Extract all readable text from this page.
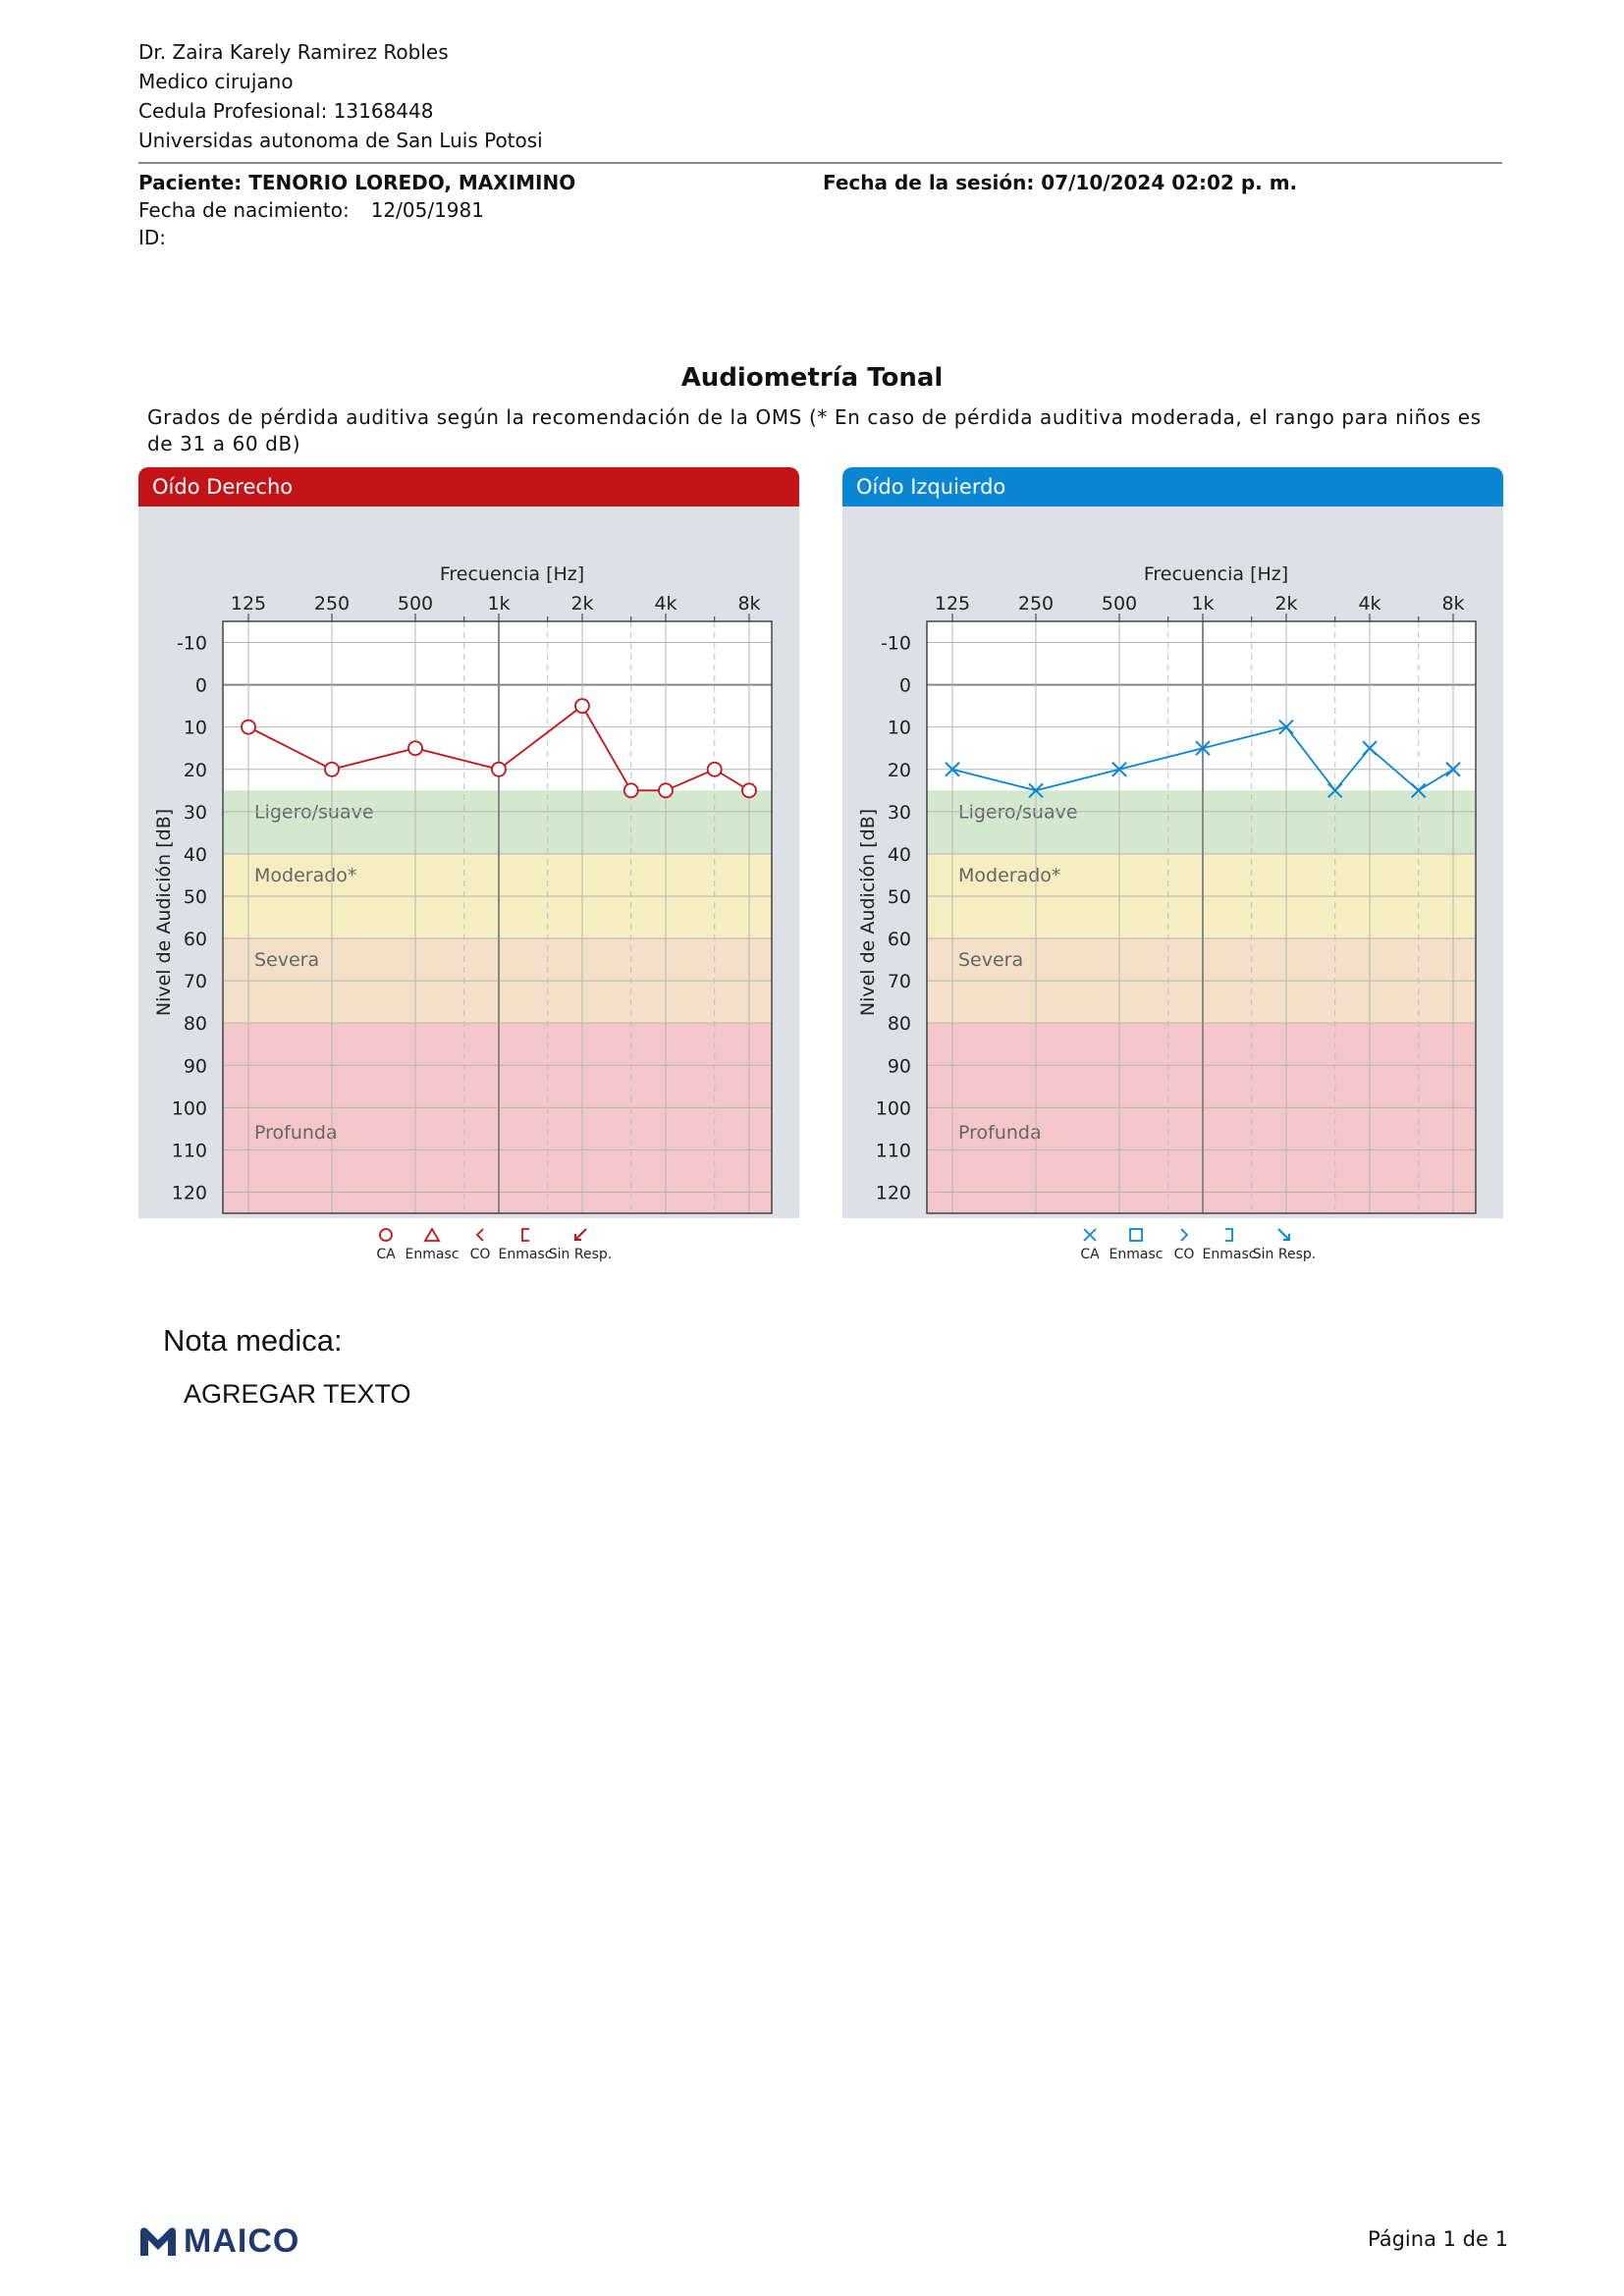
Dr. Zaira Karely Ramirez Robles
Medico cirujano
Cedula Profesional: 13168448
Universidas autonoma de San Luis Potosi
Paciente: TENORIO LOREDO, MAXIMINO
Fecha de nacimiento: 12/05/1981
ID:
Fecha de la sesión: 07/10/2024 02:02 p. m.
Audiometría Tonal
Grados de pérdida auditiva según la recomendación de la OMS (* En caso de pérdida auditiva moderada, el rango para niños es de 31 a 60 dB)
Oído Derecho
Ligero/suave
Moderado*
Severa
Profunda
-10
0
10
20
30
40
50
60
70
80
90
100
110
120
125	250	500	1k	2k	4k	8k
Frecuencia [Hz]
Nivel de Audición [dB]
CA Enmasc CO Enmasc
Sin Resp.
Oído Izquierdo
Ligero/suave
Moderado*
Severa
Profunda
-10
0
10
20
30
40
50
60
70
80
90
100
110
120
125	250	500	1k	2k	4k	8k
Frecuencia [Hz]
Nivel de Audición [dB]
CA Enmasc CO Enmasc
Sin Resp.
Nota medica:
AGREGAR TEXTO
MAICO	Página 1 de 1
